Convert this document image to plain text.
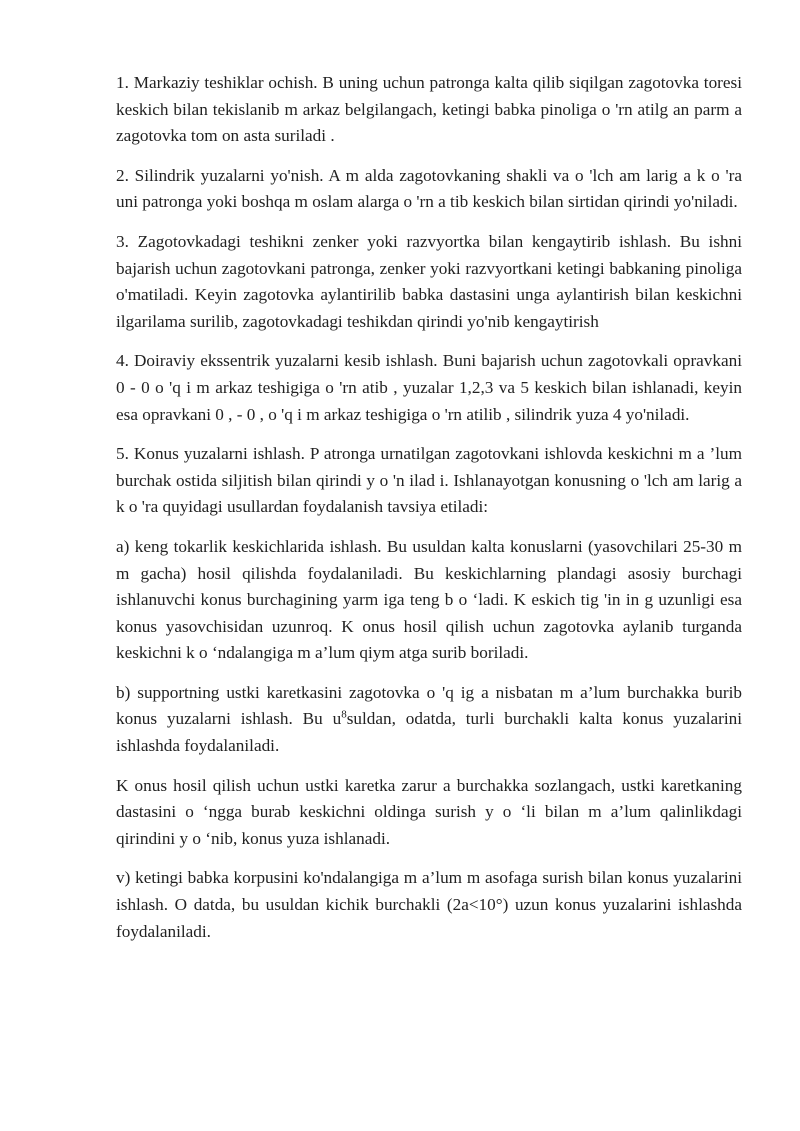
1. Markaziy teshiklar ochish. B uning uchun patronga kalta qilib siqilgan zagotovka toresi keskich bilan tekislanib m arkaz belgilangach, ketingi babka pinoliga o 'rn atilg an parm a zagotovka tom on asta suriladi .

2. Silindrik yuzalarni yo'nish. A m alda zagotovkaning shakli va o 'lch am larig a k o 'ra uni patronga yoki boshqa m oslam alarga o 'rn a tib keskich bilan sirtidan qirindi yo'niladi.

3. Zagotovkadagi teshikni zenker yoki razvyortka bilan kengaytirib ishlash. Bu ishni bajarish uchun zagotovkani patronga, zenker yoki razvyortkani ketingi babkaning pinoliga o'matiladi. Keyin zagotovka aylantirilib babka dastasini unga aylantirish bilan keskichni ilgarilama surilib, zagotovkadagi teshikdan qirindi yo'nib kengaytirish

4. Doiraviy ekssentrik yuzalarni kesib ishlash. Buni bajarish uchun zagotovkali opravkani 0 - 0 o 'q i m arkaz teshigiga o 'rn atib , yuzalar 1,2,3 va 5 keskich bilan ishlanadi, keyin esa opravkani 0 , - 0 , o 'q i m arkaz teshigiga o 'rn atilib , silindrik yuza 4 yo'niladi.

5. Konus yuzalarni ishlash. P atronga urnatilgan zagotovkani ishlovda keskichni m a ’lum burchak ostida siljitish bilan qirindi y o 'n ilad i. Ishlanayotgan konusning o 'lch am larig a k o 'ra quyidagi usullardan foydalanish tavsiya etiladi:

a) keng tokarlik keskichlarida ishlash. Bu usuldan kalta konuslarni (yasovchilari 25-30 m m gacha) hosil qilishda foydalaniladi. Bu keskichlarning plandagi asosiy burchagi ishlanuvchi konus burchagining yarm iga teng b o ‘ladi. K eskich tig 'in in g uzunligi esa konus yasovchisidan uzunroq. K onus hosil qilish uchun zagotovka aylanib turganda keskichni k o ‘ndalangiga m a’lum qiym atga surib boriladi.

b) supportning ustki karetkasini zagotovka o 'q ig a nisbatan m a’lum burchakka burib konus yuzalarni ishlash. Bu $u^8suldan$, odatda, turli burchakli kalta konus yuzalarini ishlashda foydalaniladi.

K onus hosil qilish uchun ustki karetka zarur a burchakka sozlangach, ustki karetkaning dastasini o ‘ngga burab keskichni oldinga surish y o ‘li bilan m a’lum qalinlikdagi qirindini y o ‘nib, konus yuza ishlanadi.

v) ketingi babka korpusini ko'ndalangiga m a’lum m asofaga surish bilan konus yuzalarini ishlash. O datda, bu usuldan kichik burchakli (2a<10°) uzun konus yuzalarini ishlashda foydalaniladi.
